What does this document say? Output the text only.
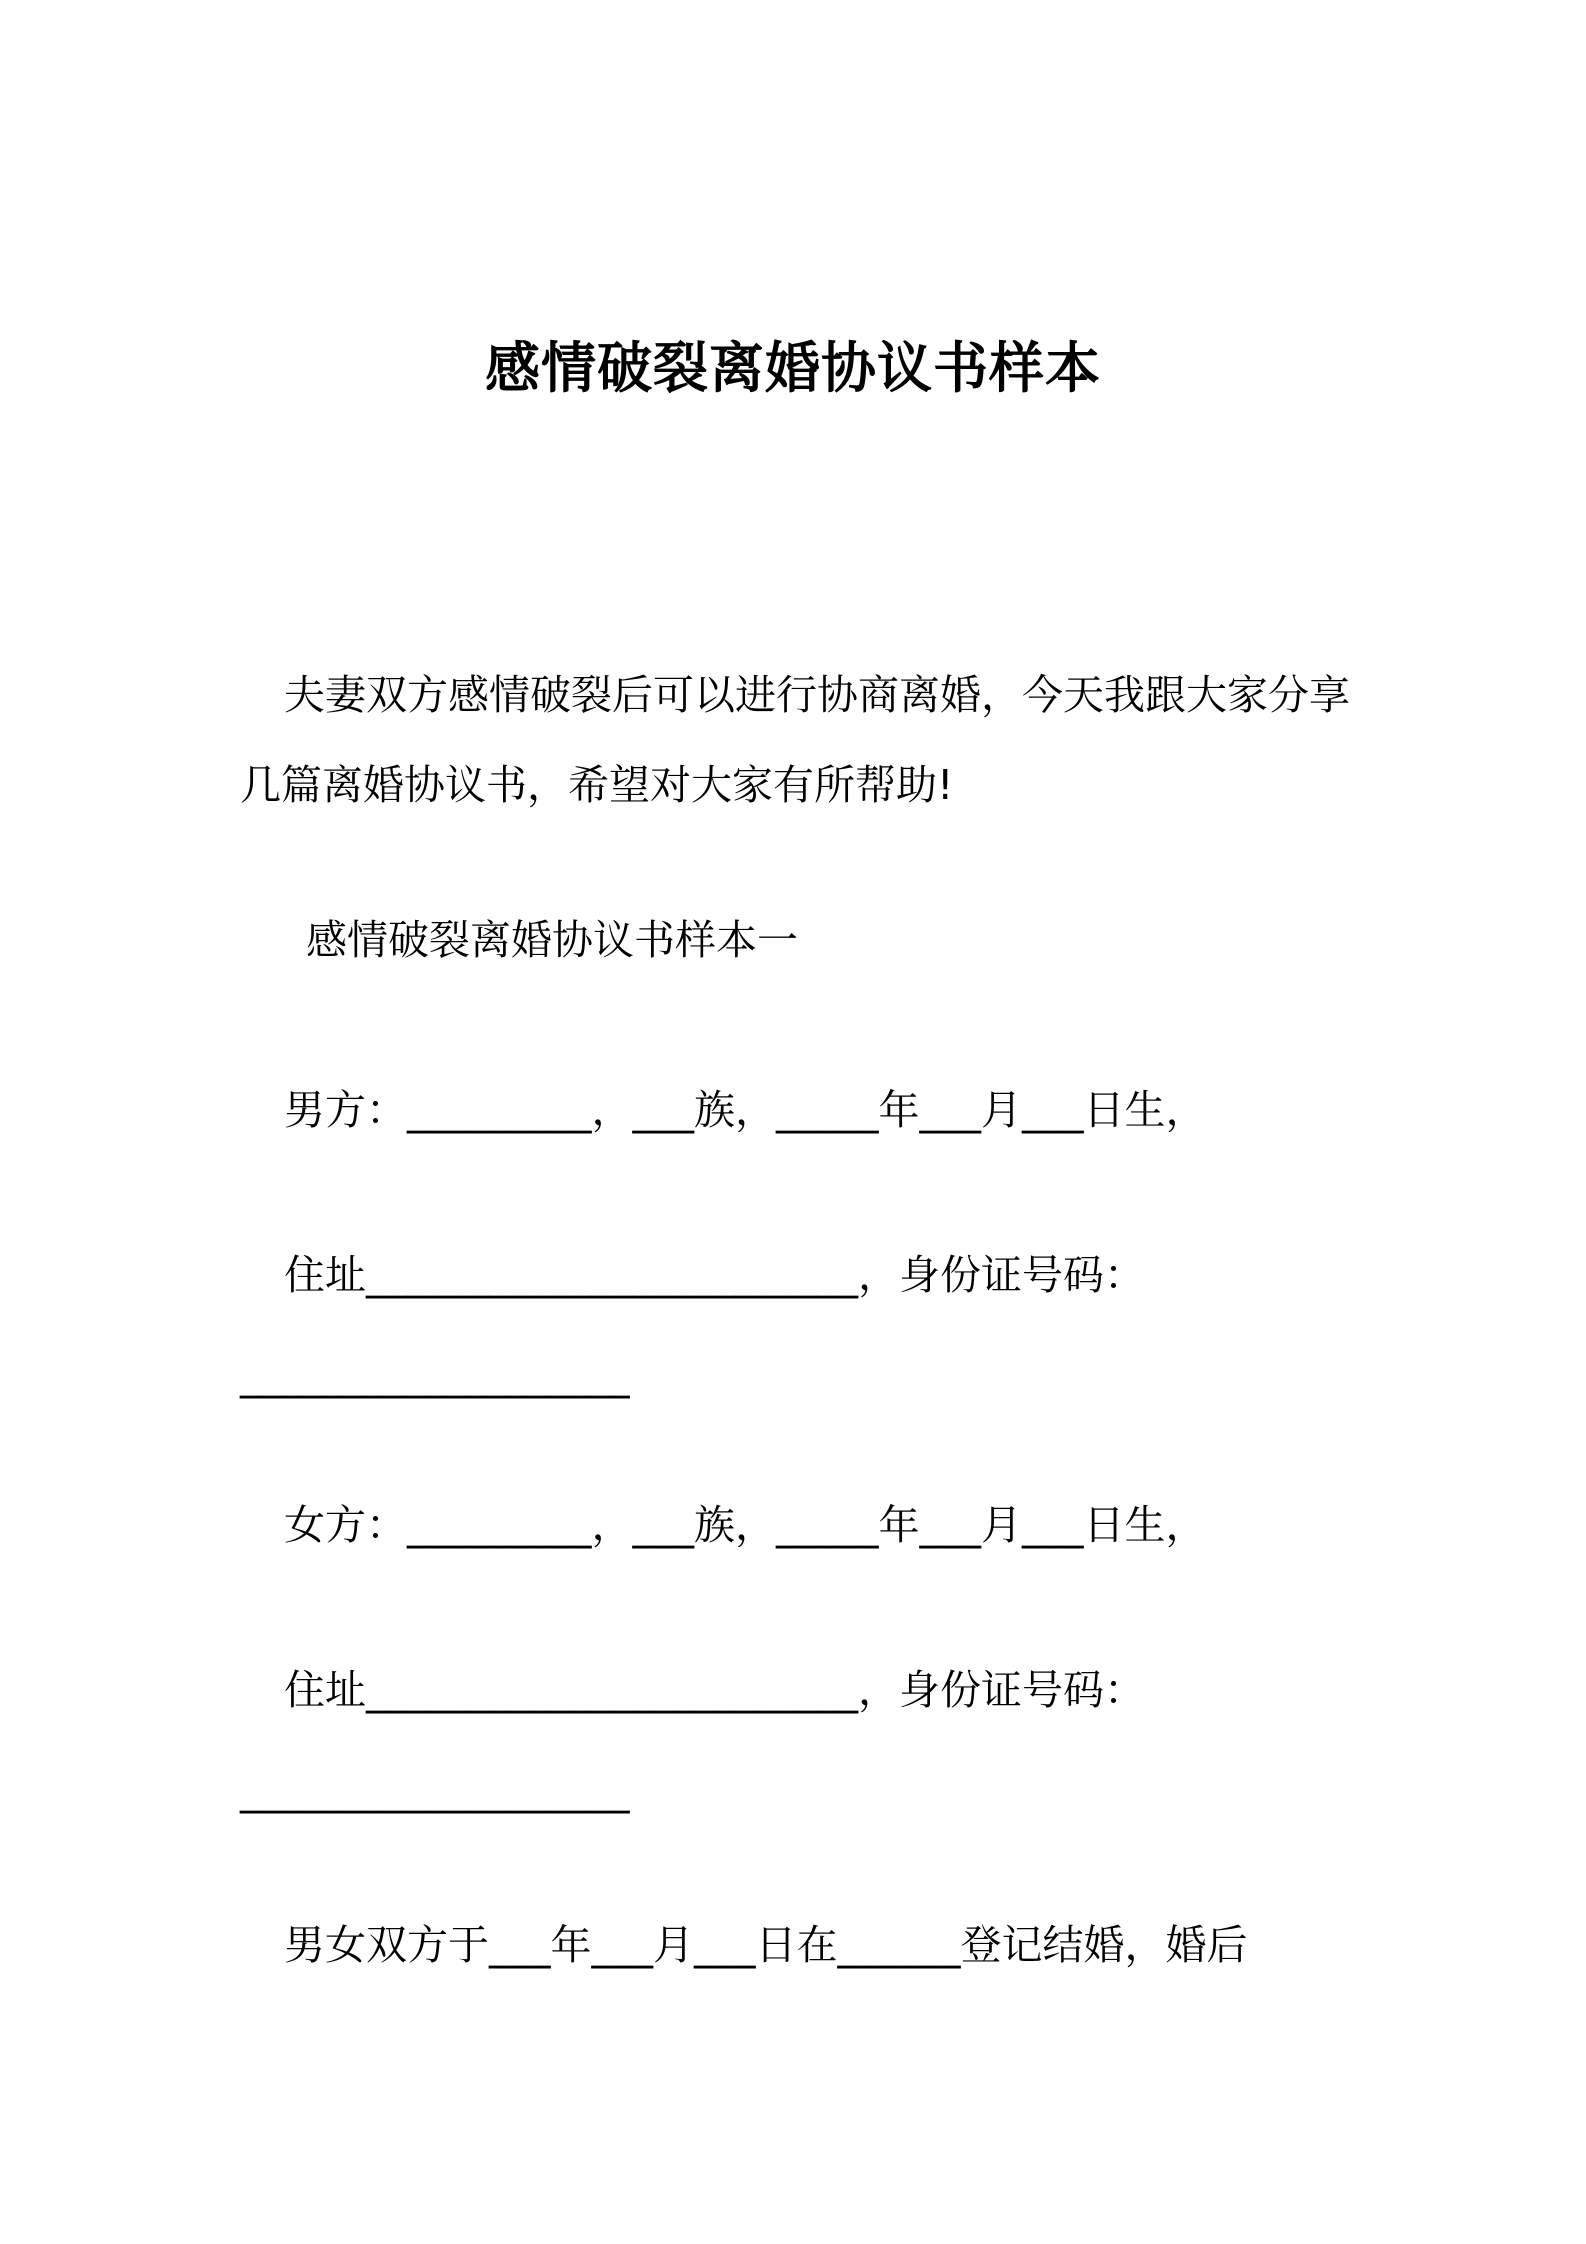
感情破裂离婚协议书样本

夫妻双方感情破裂后可以进行协商离婚，今天我跟大家分享几篇离婚协议书，希望对大家有所帮助!

感情破裂离婚协议书样本一

男方：_________，___族，_____年___月___日生，

住址________________________，身份证号码：

___________________

女方：_________，___族，_____年___月___日生，

住址________________________，身份证号码：

___________________

男女双方于___年___月___日在______登记结婚，婚后
